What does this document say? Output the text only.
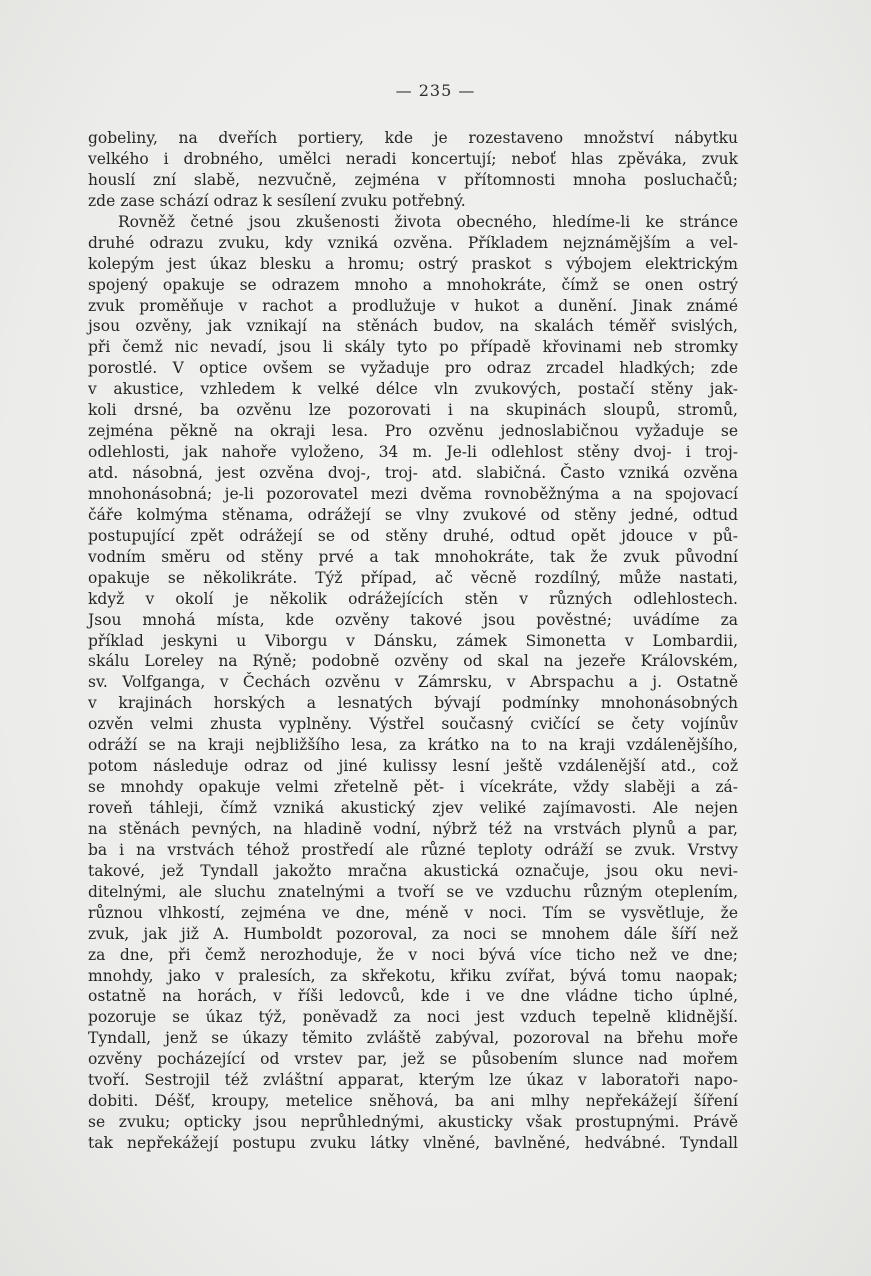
— 235 —
gobeliny, na dveřích portiery, kde je rozestaveno množství nábytku
velkého i drobného, umělci neradi koncertují; neboť hlas zpěváka, zvuk
houslí zní slabě, nezvučně, zejména v přítomnosti mnoha posluchačů;
zde zase schází odraz k sesílení zvuku potřebný.
Rovněž četné jsou zkušenosti života obecného, hledíme-li ke stránce
druhé odrazu zvuku, kdy vzniká ozvěna. Příkladem nejznámějším a vel-
kolepým jest úkaz blesku a hromu; ostrý praskot s výbojem elektrickým
spojený opakuje se odrazem mnoho a mnohokráte, čímž se onen ostrý
zvuk proměňuje v rachot a prodlužuje v hukot a dunění. Jinak známé
jsou ozvěny, jak vznikají na stěnách budov, na skalách téměř svislých,
při čemž nic nevadí, jsou li skály tyto po případě křovinami neb stromky
porostlé. V optice ovšem se vyžaduje pro odraz zrcadel hladkých; zde
v akustice, vzhledem k velké délce vln zvukových, postačí stěny jak-
koli drsné, ba ozvěnu lze pozorovati i na skupinách sloupů, stromů,
zejména pěkně na okraji lesa. Pro ozvěnu jednoslabičnou vyžaduje se
odlehlosti, jak nahoře vyloženo, 34 m. Je-li odlehlost stěny dvoj- i troj-
atd. násobná, jest ozvěna dvoj-, troj- atd. slabičná. Často vzniká ozvěna
mnohonásobná; je-li pozorovatel mezi dvěma rovnoběžnýma a na spojovací
čáře kolmýma stěnama, odrážejí se vlny zvukové od stěny jedné, odtud
postupující zpět odrážejí se od stěny druhé, odtud opět jdouce v pů-
vodním směru od stěny prvé a tak mnohokráte, tak že zvuk původní
opakuje se několikráte. Týž případ, ač věcně rozdílný, může nastati,
když v okolí je několik odrážejících stěn v různých odlehlostech.
Jsou mnohá místa, kde ozvěny takové jsou pověstné; uvádíme za
příklad jeskyni u Viborgu v Dánsku, zámek Simonetta v Lombardii,
skálu Loreley na Rýně; podobně ozvěny od skal na jezeře Královském,
sv. Volfganga, v Čechách ozvěnu v Zámrsku, v Abrspachu a j. Ostatně
v krajinách horských a lesnatých bývají podmínky mnohonásobných
ozvěn velmi zhusta vyplněny. Výstřel současný cvičící se čety vojínův
odráží se na kraji nejbližšího lesa, za krátko na to na kraji vzdálenějšího,
potom následuje odraz od jiné kulissy lesní ještě vzdálenější atd., což
se mnohdy opakuje velmi zřetelně pět- i vícekráte, vždy slaběji a zá-
roveň táhleji, čímž vzniká akustický zjev veliké zajímavosti. Ale nejen
na stěnách pevných, na hladině vodní, nýbrž též na vrstvách plynů a par,
ba i na vrstvách téhož prostředí ale různé teploty odráží se zvuk. Vrstvy
takové, jež Tyndall jakožto mračna akustická označuje, jsou oku nevi-
ditelnými, ale sluchu znatelnými a tvoří se ve vzduchu různým oteplením,
různou vlhkostí, zejména ve dne, méně v noci. Tím se vysvětluje, že
zvuk, jak již A. Humboldt pozoroval, za noci se mnohem dále šíří než
za dne, při čemž nerozhoduje, že v noci bývá více ticho než ve dne;
mnohdy, jako v pralesích, za skřekotu, křiku zvířat, bývá tomu naopak;
ostatně na horách, v říši ledovců, kde i ve dne vládne ticho úplné,
pozoruje se úkaz týž, poněvadž za noci jest vzduch tepelně klidnější.
Tyndall, jenž se úkazy těmito zvláště zabýval, pozoroval na břehu moře
ozvěny pocházející od vrstev par, jež se působením slunce nad mořem
tvoří. Sestrojil též zvláštní apparat, kterým lze úkaz v laboratoři napo-
dobiti. Déšť, kroupy, metelice sněhová, ba ani mlhy nepřekážejí šíření
se zvuku; opticky jsou neprůhlednými, akusticky však prostupnými. Právě
tak nepřekážejí postupu zvuku látky vlněné, bavlněné, hedvábné. Tyndall
